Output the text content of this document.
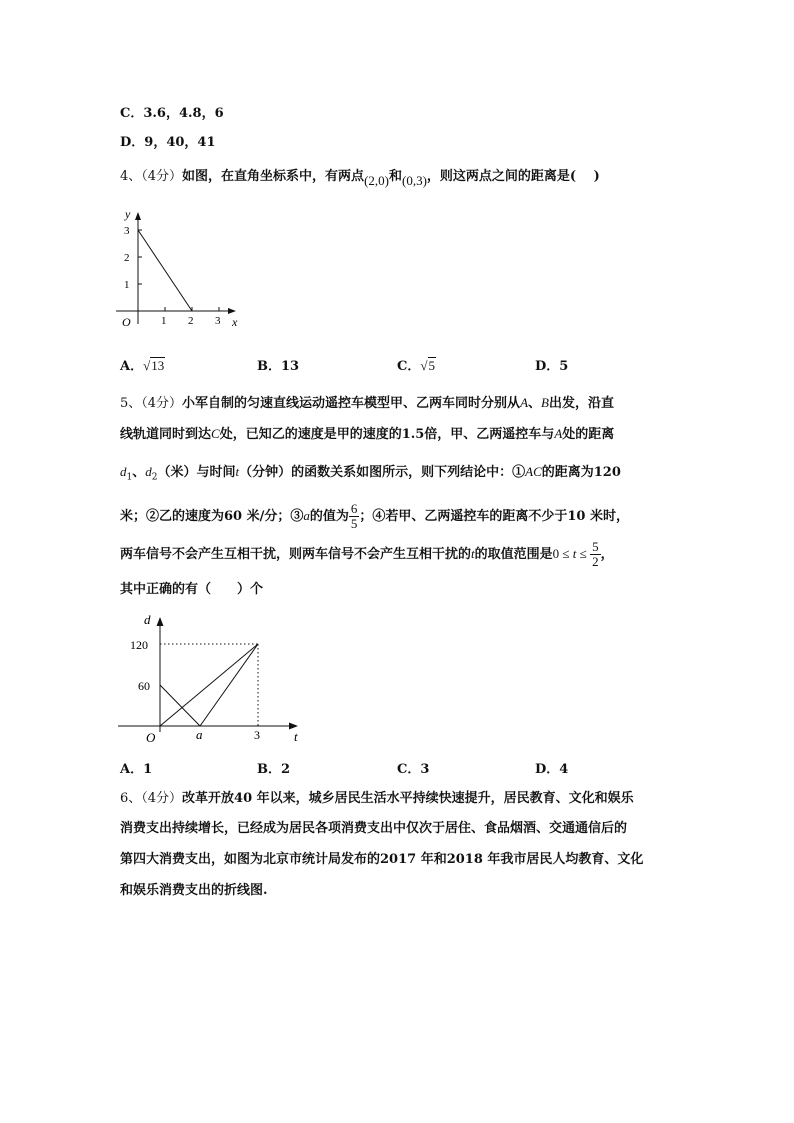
C．3.6，4.8，6
D．9，40，41
4、（4分）如图，在直角坐标系中，有两点(2,0)和(0,3)，则这两点之间的距离是(　 )
y
3
2
1
O	1 2 3 x
A．√13	B．13	C．√5	D．5
5、（4分）小军自制的匀速直线运动遥控车模型甲、乙两车同时分别从A、B出发，沿直
线轨道同时到达C处，已知乙的速度是甲的速度的1.5倍，甲、乙两遥控车与A处的距离
$d_1$、$d_2$（米）与时间t（分钟）的函数关系如图所示，则下列结论中：①AC的距离为120
米；②乙的速度为60 米/分；③a的值为 $\frac{6}{5}$ ；④若甲、乙两遥控车的距离不少于10 米时，
两车信号不会产生互相干扰，则两车信号不会产生互相干扰的t的取值范围是$0 \le t \le \frac{5}{2}$ ，
其中正确的有（　　）个
d
120
60
O	a	3	t
A．1	B．2	C．3	D．4
6、（4分）改革开放40 年以来，城乡居民生活水平持续快速提升，居民教育、文化和娱乐
消费支出持续增长，已经成为居民各项消费支出中仅次于居住、食品烟酒、交通通信后的
第四大消费支出，如图为北京市统计局发布的2017 年和2018 年我市居民人均教育、文化
和娱乐消费支出的折线图.
